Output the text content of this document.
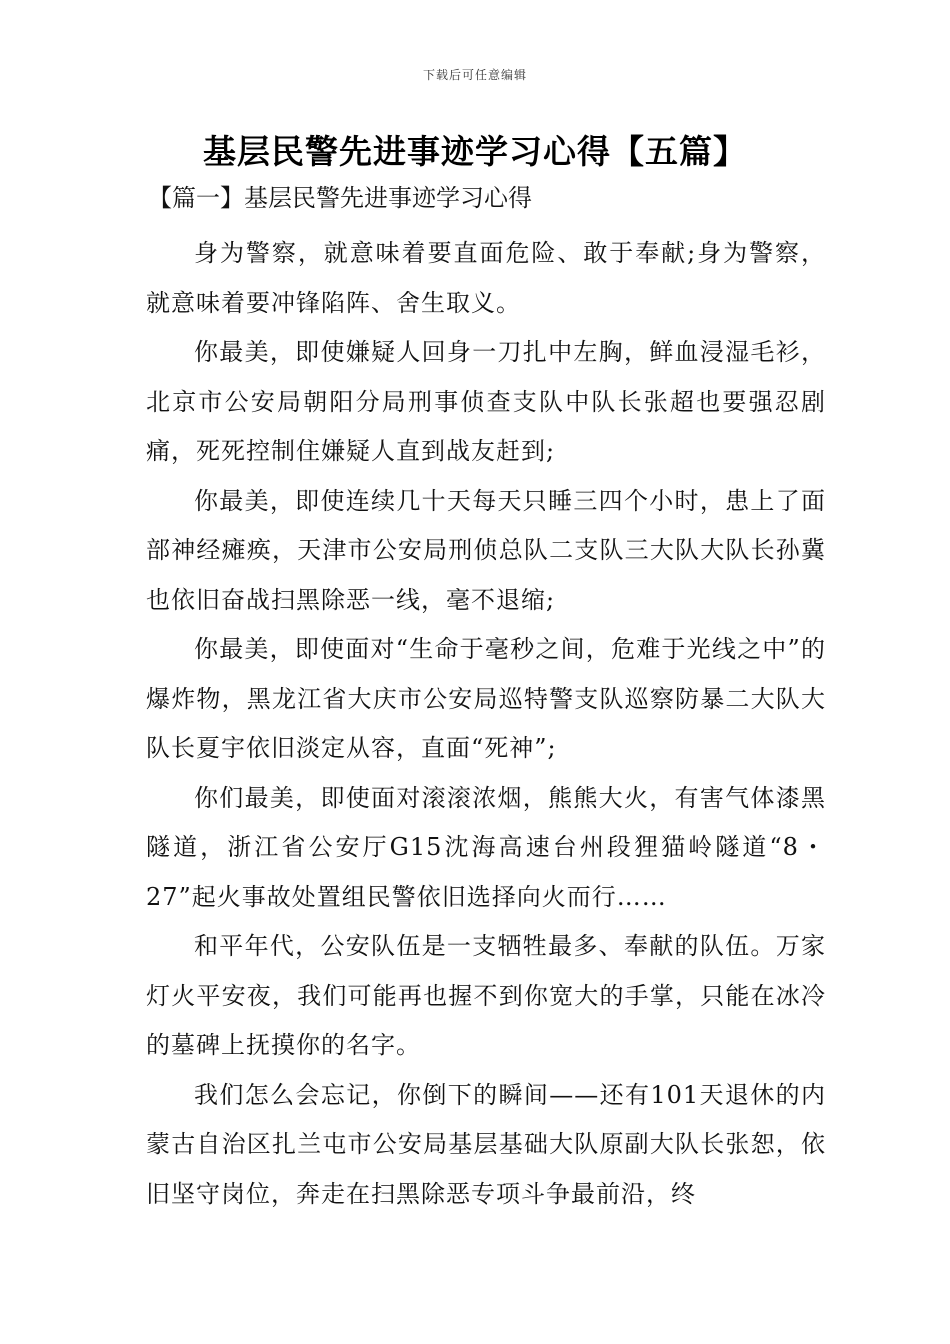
下载后可任意编辑
基层民警先进事迹学习心得【五篇】
【篇一】基层民警先进事迹学习心得

身为警察，就意味着要直面危险、敢于奉献;身为警察，就意味着要冲锋陷阵、舍生取义。

你最美，即使嫌疑人回身一刀扎中左胸，鲜血浸湿毛衫，北京市公安局朝阳分局刑事侦查支队中队长张超也要强忍剧痛，死死控制住嫌疑人直到战友赶到;

你最美，即使连续几十天每天只睡三四个小时，患上了面部神经瘫痪，天津市公安局刑侦总队二支队三大队大队长孙冀也依旧奋战扫黑除恶一线，毫不退缩;

你最美，即使面对“生命于毫秒之间，危难于光线之中”的爆炸物，黑龙江省大庆市公安局巡特警支队巡察防暴二大队大队长夏宇依旧淡定从容，直面“死神”;

你们最美，即使面对滚滚浓烟，熊熊大火，有害气体漆黑隧道，浙江省公安厅G15沈海高速台州段狸猫岭隧道“8・27”起火事故处置组民警依旧选择向火而行……

和平年代，公安队伍是一支牺牲最多、奉献的队伍。万家灯火平安夜，我们可能再也握不到你宽大的手掌，只能在冰冷的墓碑上抚摸你的名字。

我们怎么会忘记，你倒下的瞬间——还有101天退休的内蒙古自治区扎兰屯市公安局基层基础大队原副大队长张恕，依旧坚守岗位，奔走在扫黑除恶专项斗争最前沿，终
